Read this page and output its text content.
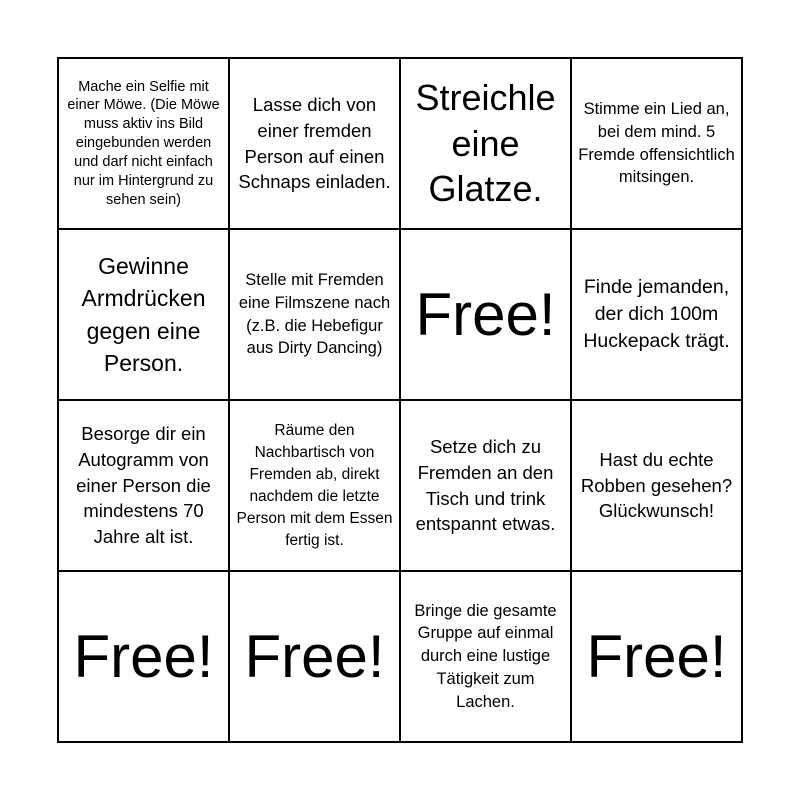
Mache ein Selfie mit einer Möwe. (Die Möwe muss aktiv ins Bild eingebunden werden und darf nicht einfach nur im Hintergrund zu sehen sein)
Lasse dich von einer fremden Person auf einen Schnaps einladen.
Streichle eine Glatze.
Stimme ein Lied an, bei dem mind. 5 Fremde offensichtlich mitsingen.
Gewinne Armdrücken gegen eine Person.
Stelle mit Fremden eine Filmszene nach (z.B. die Hebefigur aus Dirty Dancing)
Free!	Finde jemanden, der dich 100m Huckepack trägt.
Besorge dir ein Autogramm von einer Person die mindestens 70 Jahre alt ist.
Räume den Nachbartisch von Fremden ab, direkt nachdem die letzte Person mit dem Essen fertig ist.
Setze dich zu Fremden an den Tisch und trink entspannt etwas.
Hast du echte Robben gesehen? Glückwunsch!
Free! Free!
Bringe die gesamte Gruppe auf einmal durch eine lustige Tätigkeit zum Lachen.
Free!
